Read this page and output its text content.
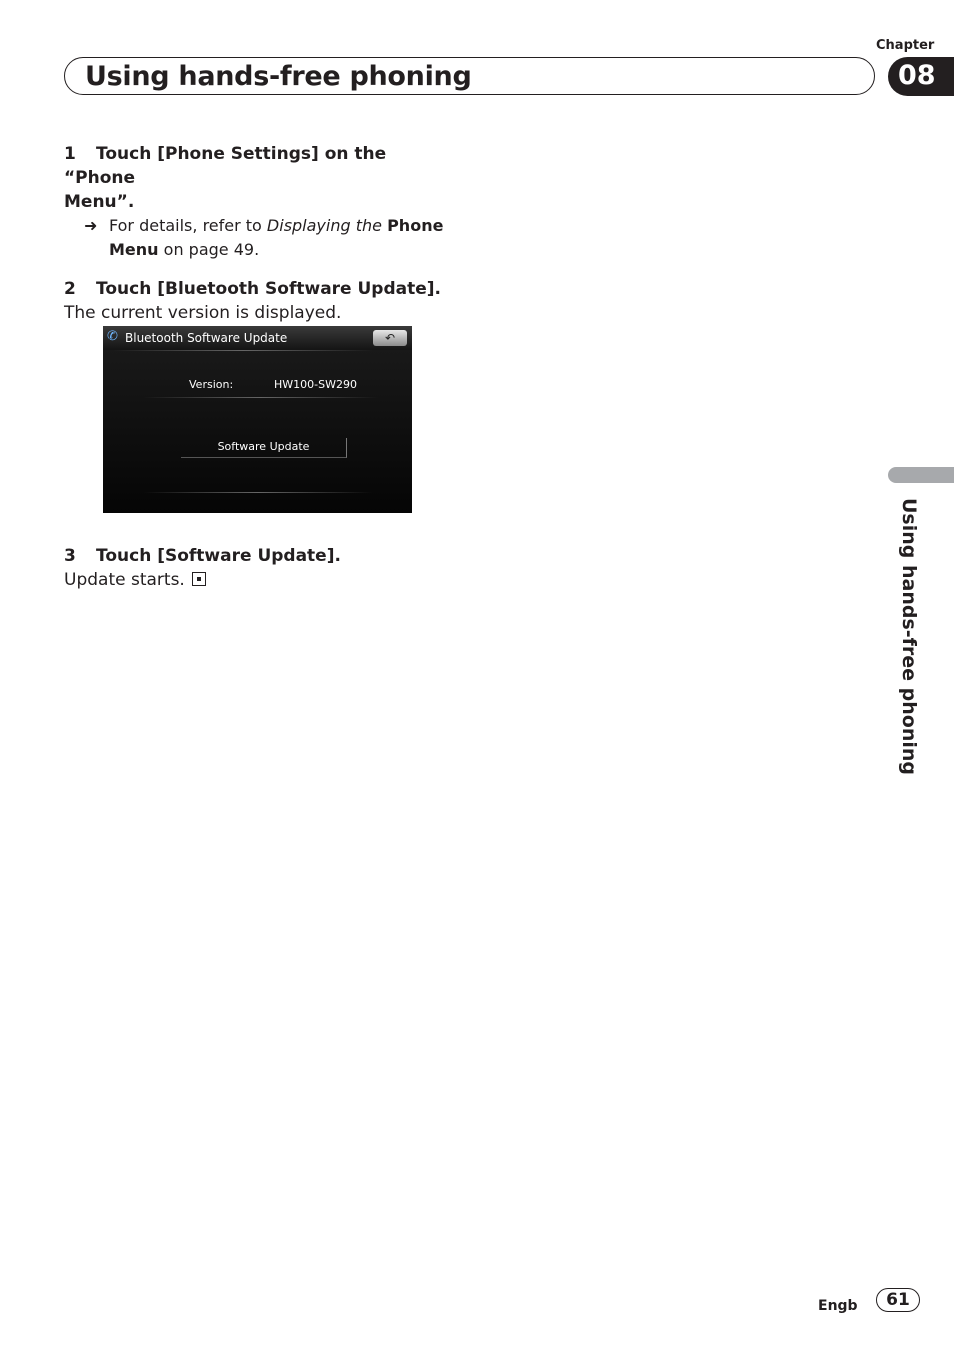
Chapter
Using hands-free phoning	08
1 Touch [Phone Settings] on the “Phone
Menu”.
➜ For details, refer to Displaying the Phone
Menu on page 49.
2 Touch [Bluetooth Software Update].
The current version is displayed.
✆ Bluetooth Software Update	↶
Version:	HW100-SW290
Software Update
3 Touch [Software Update].
Update starts.	Using hands-free phoning
Engb	61
